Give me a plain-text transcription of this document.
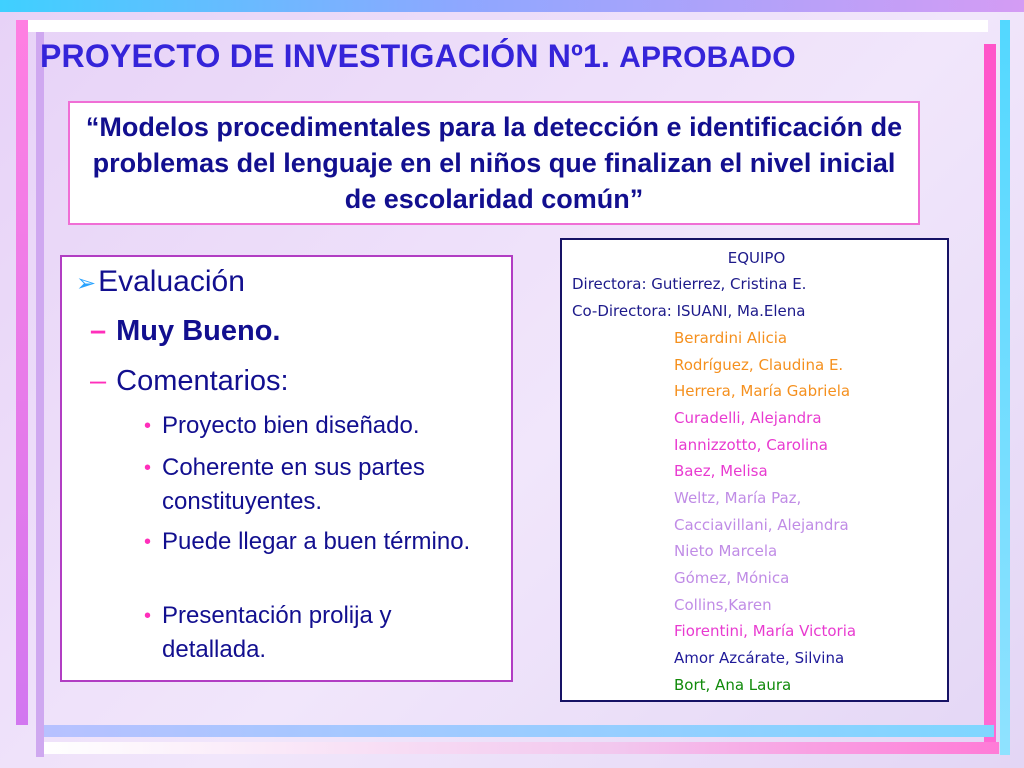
PROYECTO DE INVESTIGACIÓN Nº1. APROBADO
“Modelos procedimentales para la detección e identificación de problemas del lenguaje en el niños que finalizan el nivel inicial de escolaridad común”
➢Evaluación
– Muy Bueno.
– Comentarios:
• Proyecto bien diseñado.
• Coherente en sus partes constituyentes.
• Puede llegar a buen término.
• Presentación prolija y detallada.
EQUIPO
Directora: Gutierrez, Cristina E.
Co-Directora: ISUANI, Ma.Elena
Berardini Alicia
Rodríguez, Claudina E.
Herrera, María Gabriela
Curadelli, Alejandra
Iannizzotto, Carolina
Baez, Melisa
Weltz, María Paz,
Cacciavillani, Alejandra
Nieto Marcela
Gómez, Mónica
Collins,Karen
Fiorentini, María Victoria
Amor Azcárate, Silvina
Bort, Ana Laura
